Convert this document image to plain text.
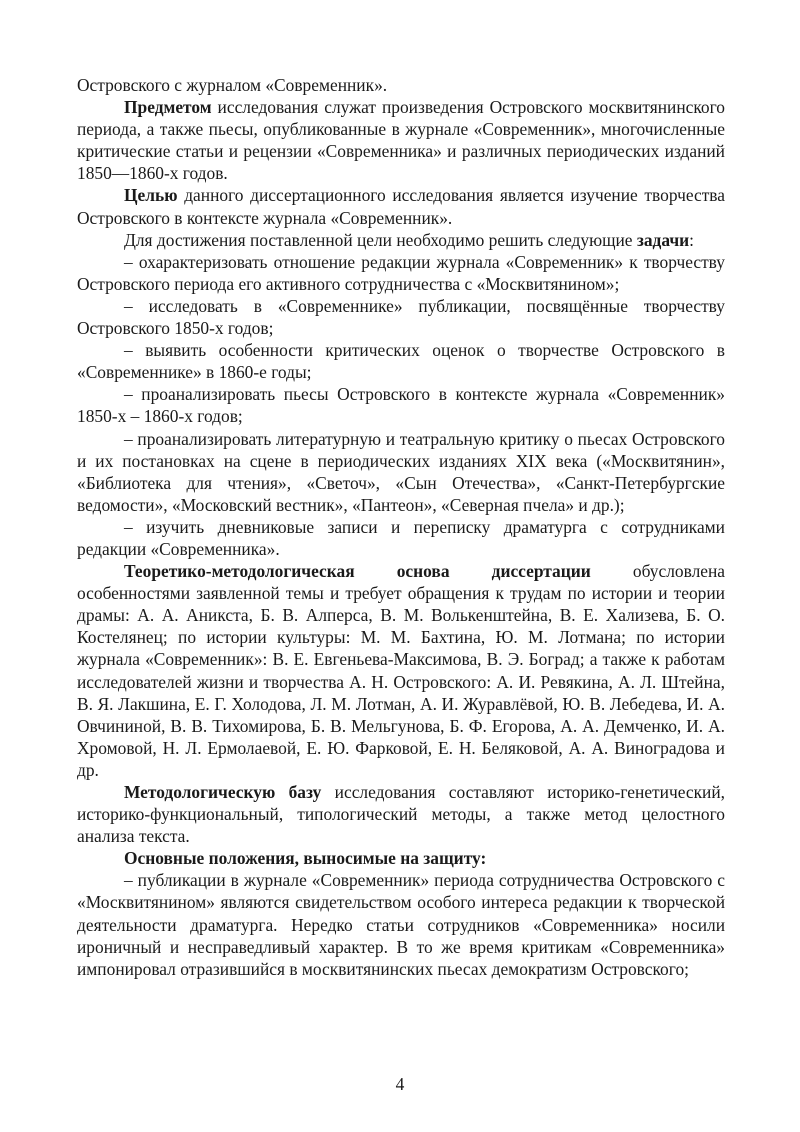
Островского с журналом «Современник».

Предметом исследования служат произведения Островского москвитянинского периода, а также пьесы, опубликованные в журнале «Современник», многочисленные критические статьи и рецензии «Современника» и различных периодических изданий 1850—1860-х годов.

Целью данного диссертационного исследования является изучение творчества Островского в контексте журнала «Современник».

Для достижения поставленной цели необходимо решить следующие задачи:

– охарактеризовать отношение редакции журнала «Современник» к творчеству Островского периода его активного сотрудничества с «Москвитянином»;

– исследовать в «Современнике» публикации, посвящённые творчеству Островского 1850-х годов;

– выявить особенности критических оценок о творчестве Островского в «Современнике» в 1860-е годы;

– проанализировать пьесы Островского в контексте журнала «Современник» 1850-х – 1860-х годов;

– проанализировать литературную и театральную критику о пьесах Островского и их постановках на сцене в периодических изданиях XIX века («Москвитянин», «Библиотека для чтения», «Светоч», «Сын Отечества», «Санкт-Петербургские ведомости», «Московский вестник», «Пантеон», «Северная пчела» и др.);

– изучить дневниковые записи и переписку драматурга с сотрудниками редакции «Современника».

Теоретико-методологическая основа диссертации обусловлена особенностями заявленной темы и требует обращения к трудам по истории и теории драмы: А. А. Аникста, Б. В. Алперса, В. М. Волькенштейна, В. Е. Хализева, Б. О. Костелянец; по истории культуры: М. М. Бахтина, Ю. М. Лотмана; по истории журнала «Современник»: В. Е. Евгеньева-Максимова, В. Э. Боград; а также к работам исследователей жизни и творчества А. Н. Островского: А. И. Ревякина, А. Л. Штейна, В. Я. Лакшина, Е. Г. Холодова, Л. М. Лотман, А. И. Журавлёвой, Ю. В. Лебедева, И. А. Овчининой, В. В. Тихомирова, Б. В. Мельгунова, Б. Ф. Егорова, А. А. Демченко, И. А. Хромовой, Н. Л. Ермолаевой, Е. Ю. Фарковой, Е. Н. Беляковой, А. А. Виноградова и др.

Методологическую базу исследования составляют историко-генетический, историко-функциональный, типологический методы, а также метод целостного анализа текста.

Основные положения, выносимые на защиту:

– публикации в журнале «Современник» периода сотрудничества Островского с «Москвитянином» являются свидетельством особого интереса редакции к творческой деятельности драматурга. Нередко статьи сотрудников «Современника» носили ироничный и несправедливый характер. В то же время критикам «Современника» импонировал отразившийся в москвитянинских пьесах демократизм Островского;

4
